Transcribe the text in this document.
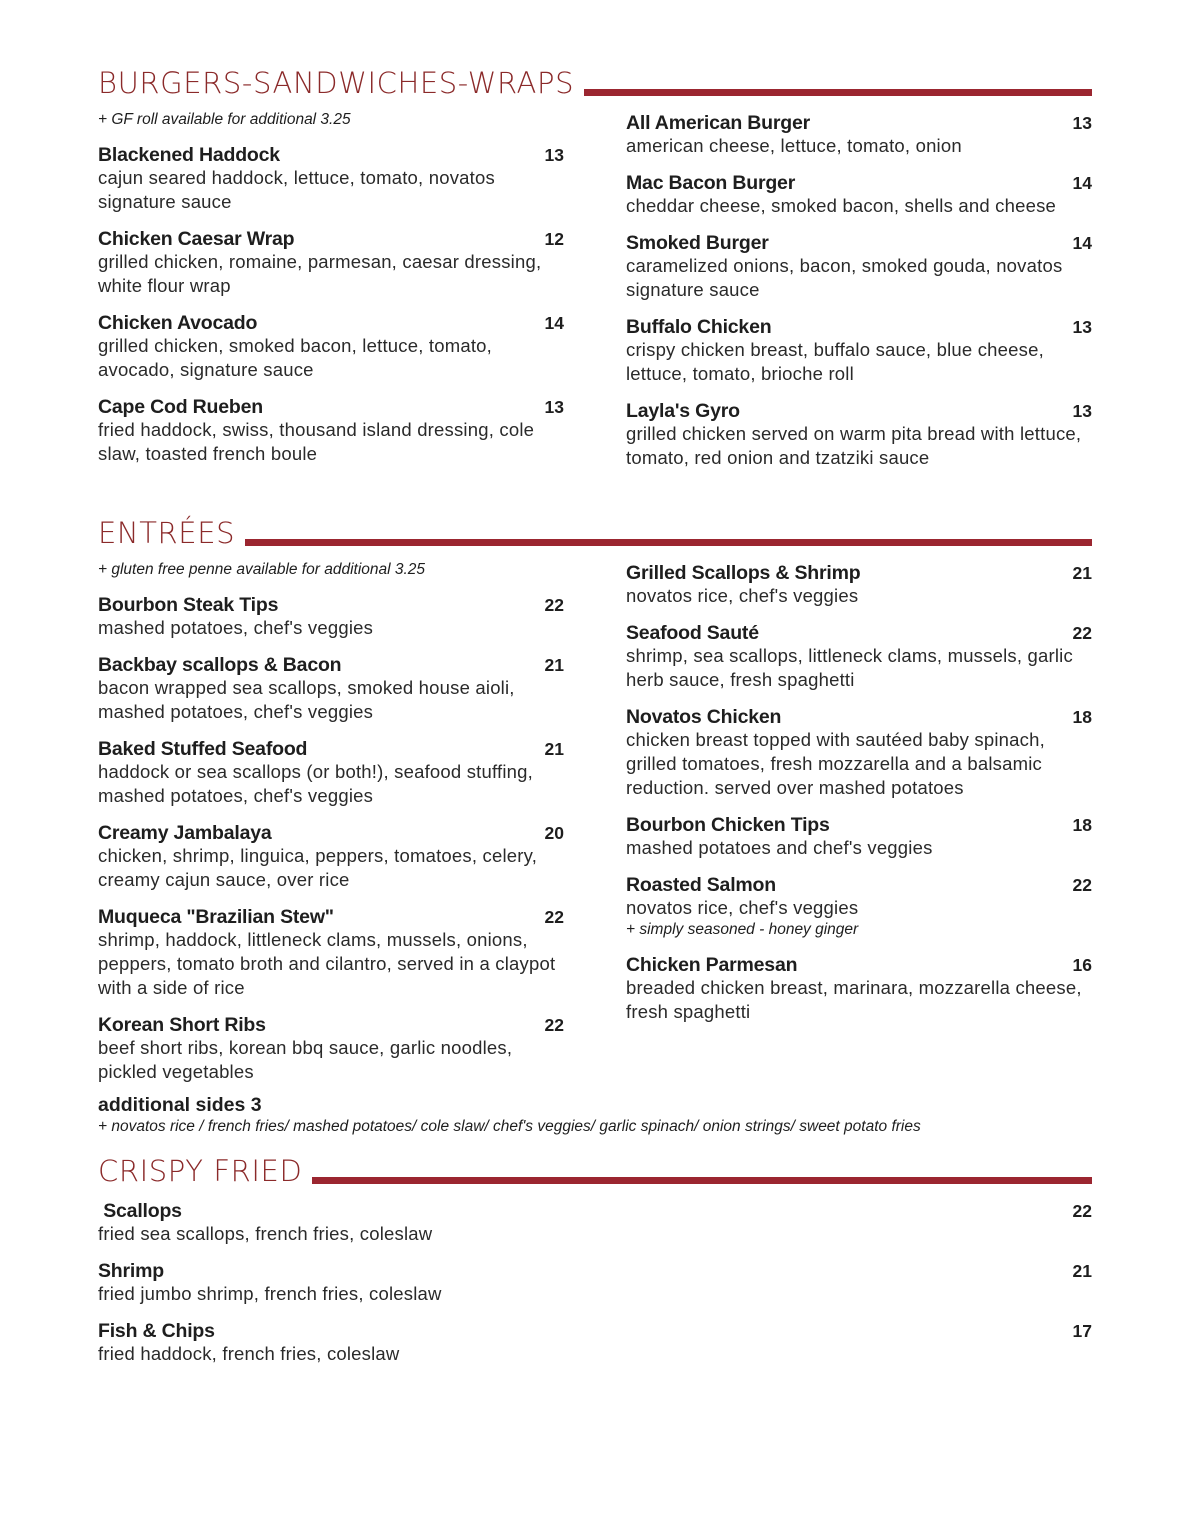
BURGERS-SANDWICHES-WRAPS
+ GF roll available for additional 3.25
Blackened Haddock	13
cajun seared haddock, lettuce, tomato, novatos signature sauce
Chicken Caesar Wrap	12
grilled chicken, romaine, parmesan, caesar dressing, white flour wrap
Chicken Avocado	14
grilled chicken, smoked bacon, lettuce, tomato, avocado, signature sauce
Cape Cod Rueben	13
fried haddock, swiss, thousand island dressing, cole slaw, toasted french boule
All American Burger	13
american cheese, lettuce, tomato, onion
Mac Bacon Burger	14
cheddar cheese, smoked bacon, shells and cheese
Smoked Burger	14
caramelized onions, bacon, smoked gouda, novatos signature sauce
Buffalo Chicken	13
crispy chicken breast, buffalo sauce, blue cheese, lettuce, tomato, brioche roll
Layla's Gyro	13
grilled chicken served on warm pita bread with lettuce, tomato, red onion and tzatziki sauce
ENTRÉES
+ gluten free penne available for additional 3.25
Bourbon Steak Tips	22
mashed potatoes, chef's veggies
Backbay scallops & Bacon	21
bacon wrapped sea scallops, smoked house aioli, mashed potatoes, chef's veggies
Baked Stuffed Seafood	21
haddock or sea scallops (or both!), seafood stuffing, mashed potatoes, chef's veggies
Creamy Jambalaya	20
chicken, shrimp, linguica, peppers, tomatoes, celery, creamy cajun sauce, over rice
Muqueca "Brazilian Stew"	22
shrimp, haddock, littleneck clams, mussels, onions, peppers, tomato broth and cilantro, served in a claypot with a side of rice
Korean Short Ribs	22
beef short ribs, korean bbq sauce, garlic noodles, pickled vegetables
Grilled Scallops & Shrimp	21
novatos rice, chef's veggies
Seafood Sauté	22
shrimp, sea scallops, littleneck clams, mussels, garlic herb sauce, fresh spaghetti
Novatos Chicken	18
chicken breast topped with sautéed baby spinach, grilled tomatoes, fresh mozzarella and a balsamic reduction. served over mashed potatoes
Bourbon Chicken Tips	18
mashed potatoes and chef's veggies
Roasted Salmon	22
novatos rice, chef's veggies
+ simply seasoned - honey ginger
Chicken Parmesan	16
breaded chicken breast, marinara, mozzarella cheese, fresh spaghetti
additional sides 3
+ novatos rice / french fries/ mashed potatoes/ cole slaw/ chef's veggies/ garlic spinach/ onion strings/ sweet potato fries
CRISPY FRIED
Scallops	22
fried sea scallops, french fries, coleslaw
Shrimp	21
fried jumbo shrimp, french fries, coleslaw
Fish & Chips	17
fried haddock, french fries, coleslaw
